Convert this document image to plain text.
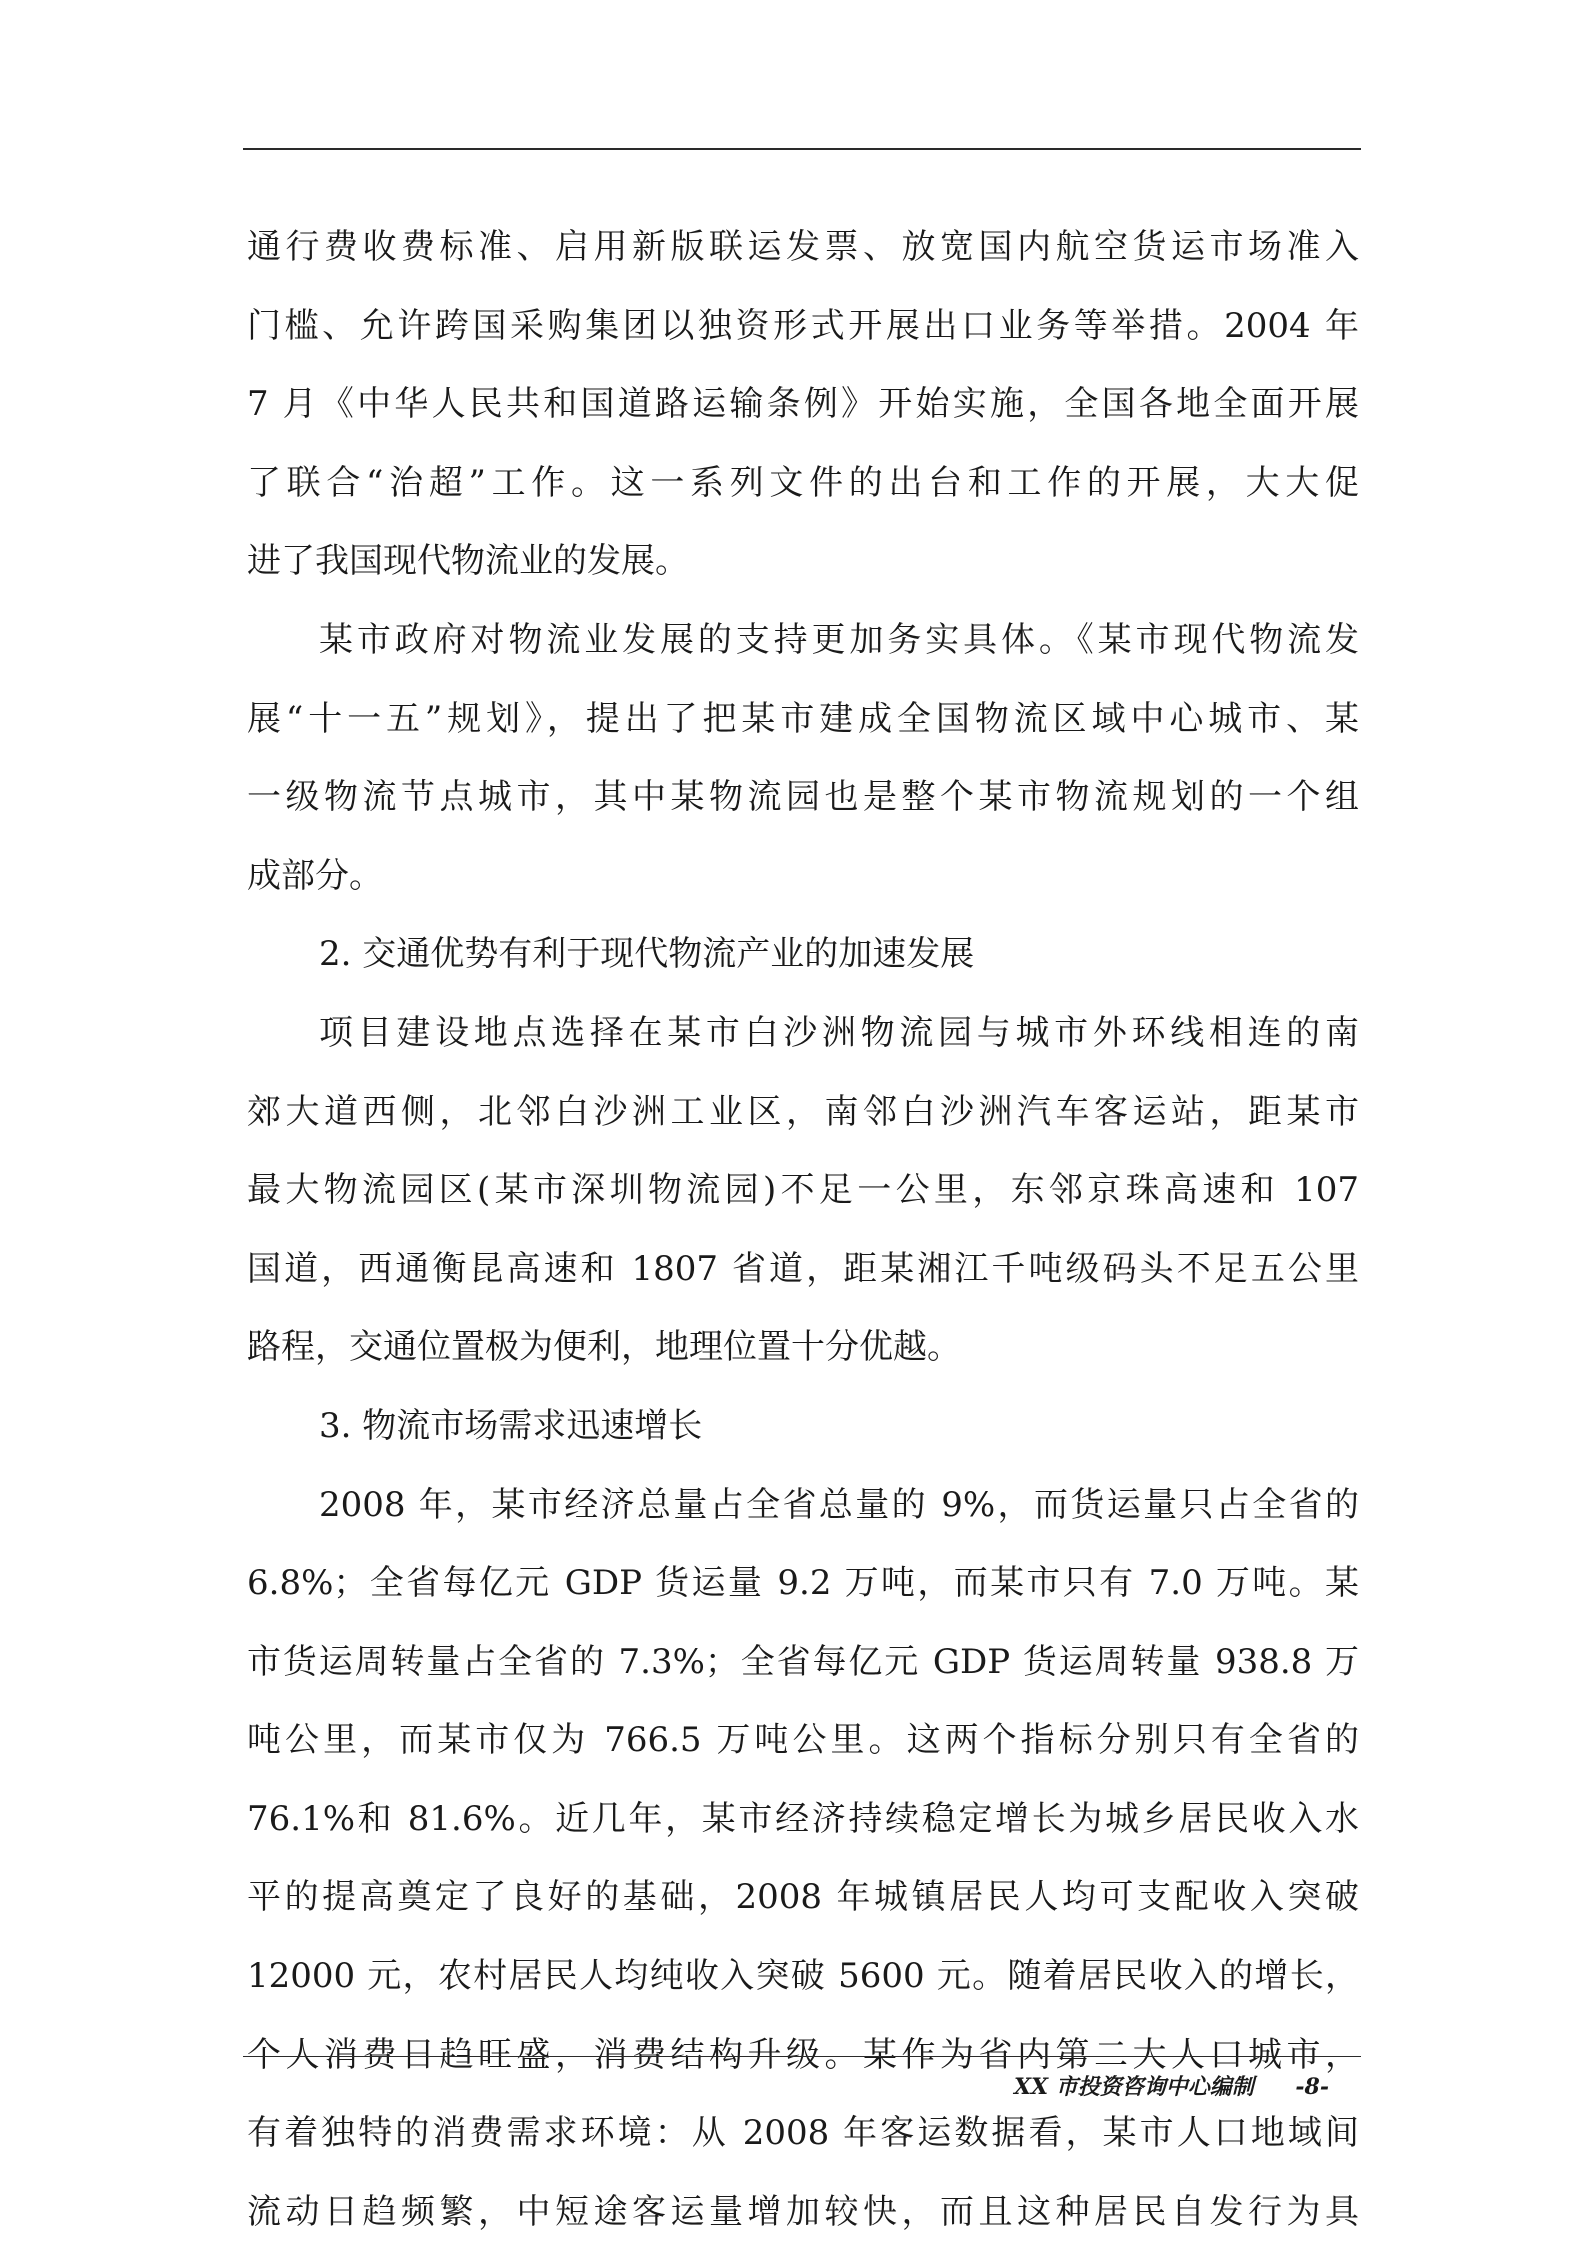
通行费收费标准、启用新版联运发票、放宽国内航空货运市场准入
门槛、允许跨国采购集团以独资形式开展出口业务等举措。2004 年
7 月《中华人民共和国道路运输条例》开始实施，全国各地全面开展
了联合“治超”工作。这一系列文件的出台和工作的开展，大大促
进了我国现代物流业的发展。
某市政府对物流业发展的支持更加务实具体。《某市现代物流发
展“十一五”规划》，提出了把某市建成全国物流区域中心城市、某
一级物流节点城市，其中某物流园也是整个某市物流规划的一个组
成部分。
2. 交通优势有利于现代物流产业的加速发展
项目建设地点选择在某市白沙洲物流园与城市外环线相连的南
郊大道西侧，北邻白沙洲工业区，南邻白沙洲汽车客运站，距某市
最大物流园区(某市深圳物流园)不足一公里，东邻京珠高速和 107
国道，西通衡昆高速和 1807 省道，距某湘江千吨级码头不足五公里
路程，交通位置极为便利，地理位置十分优越。
3. 物流市场需求迅速增长
2008 年，某市经济总量占全省总量的 9%，而货运量只占全省的
6.8%；全省每亿元 GDP 货运量 9.2 万吨，而某市只有 7.0 万吨。某
市货运周转量占全省的 7.3%；全省每亿元 GDP 货运周转量 938.8 万
吨公里，而某市仅为 766.5 万吨公里。这两个指标分别只有全省的
76.1%和 81.6%。近几年，某市经济持续稳定增长为城乡居民收入水
平的提高奠定了良好的基础，2008 年城镇居民人均可支配收入突破
12000 元，农村居民人均纯收入突破 5600 元。随着居民收入的增长，
个人消费日趋旺盛，消费结构升级。某作为省内第二大人口城市，
有着独特的消费需求环境：从 2008 年客运数据看，某市人口地域间
流动日趋频繁，中短途客运量增加较快，而且这种居民自发行为具
XX 市投资咨询中心编制 -8-
